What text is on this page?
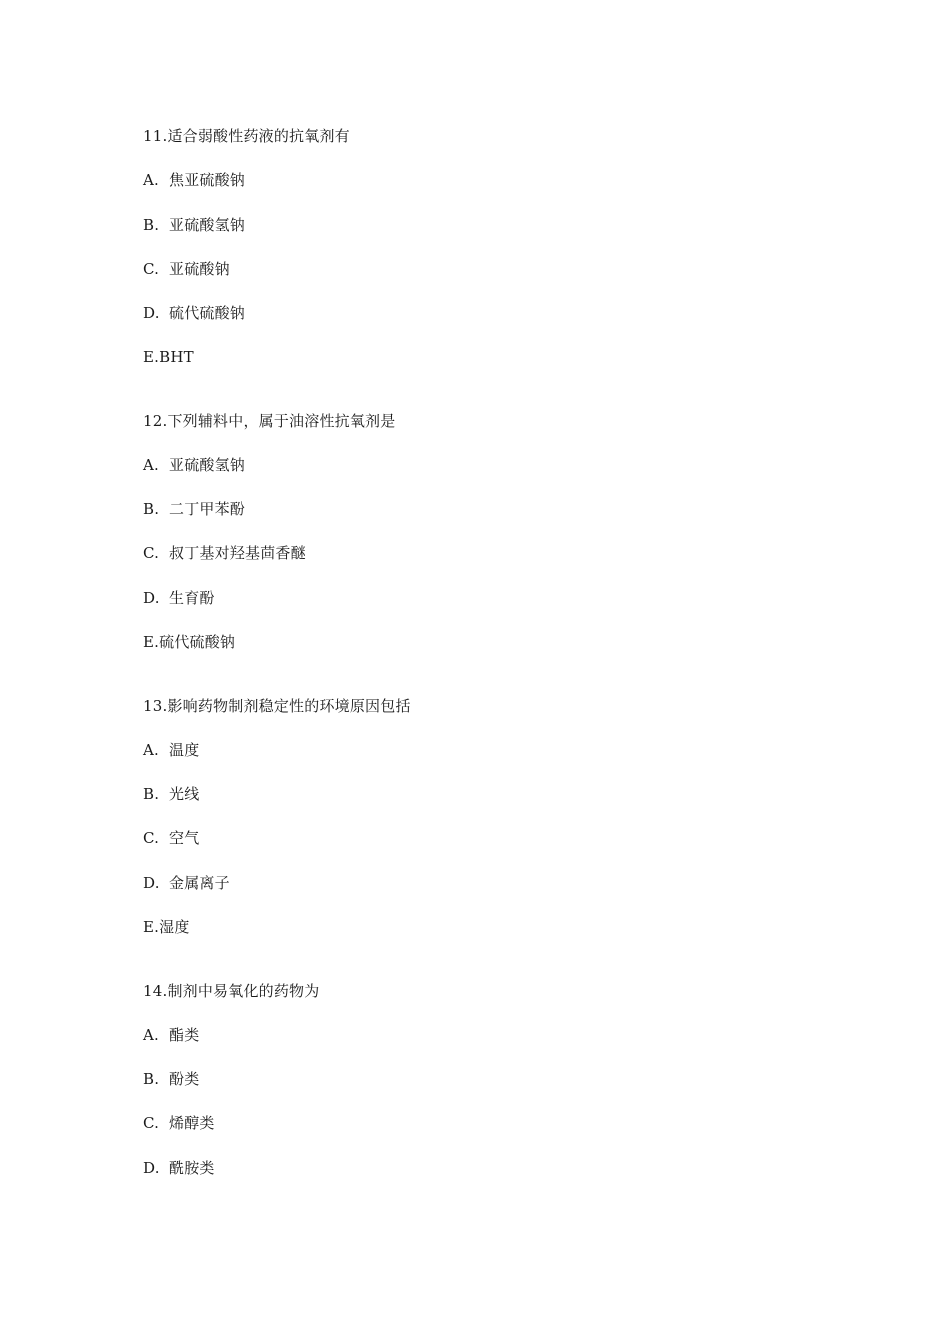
11.适合弱酸性药液的抗氧剂有
A. 焦亚硫酸钠
B. 亚硫酸氢钠
C. 亚硫酸钠
D. 硫代硫酸钠
E.BHT
12.下列辅料中，属于油溶性抗氧剂是
A. 亚硫酸氢钠
B. 二丁甲苯酚
C. 叔丁基对羟基茴香醚
D. 生育酚
E.硫代硫酸钠
13.影响药物制剂稳定性的环境原因包括
A. 温度
B. 光线
C. 空气
D. 金属离子
E.湿度
14.制剂中易氧化的药物为
A. 酯类
B. 酚类
C. 烯醇类
D. 酰胺类
